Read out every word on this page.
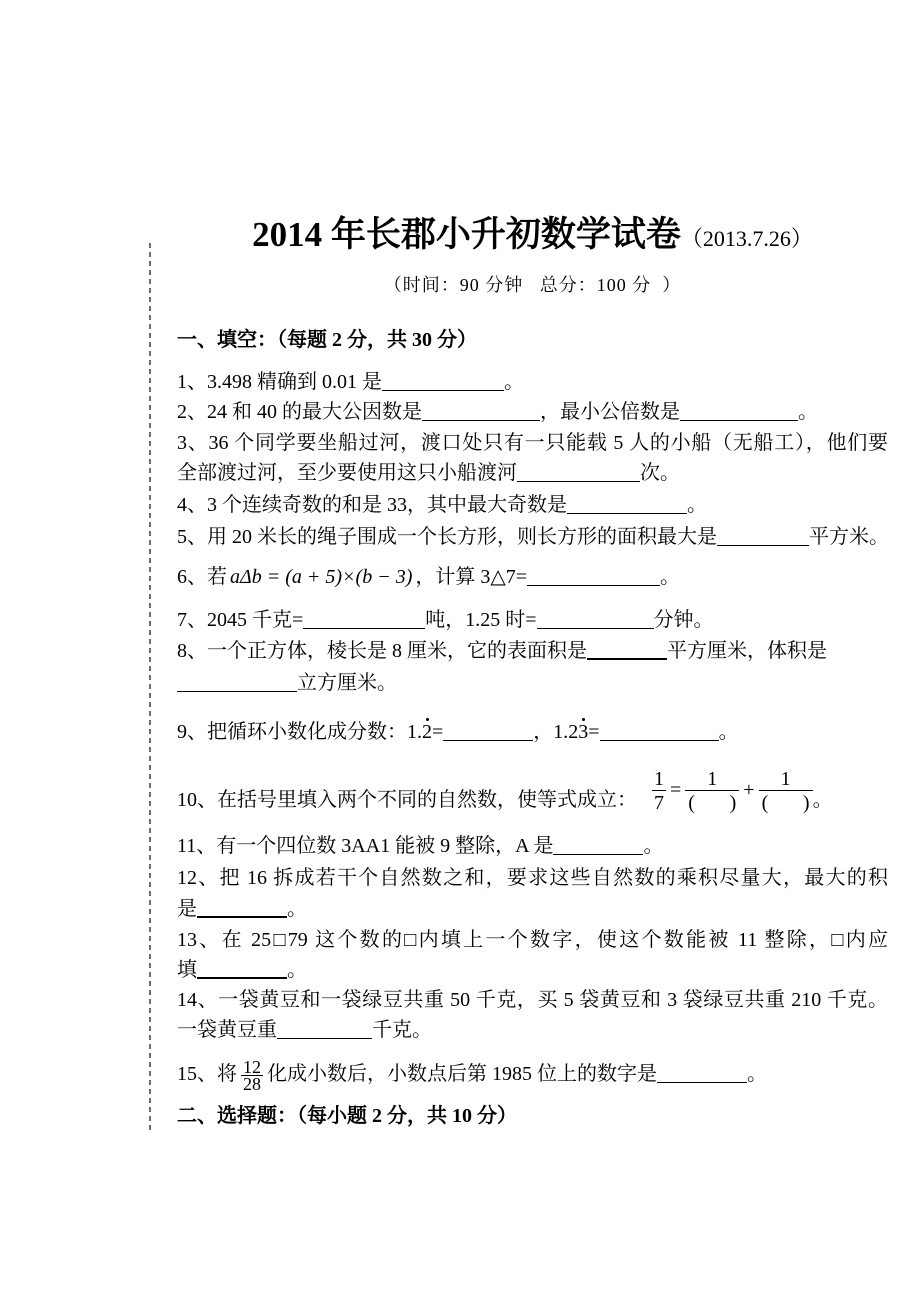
2014 年长郡小升初数学试卷（2013.7.26）
（时间：90 分钟   总分：100 分  ）
一、填空：（每题 2 分，共 30 分）
1、3.498 精确到 0.01 是	。
2、24 和 40 的最大公因数是	，最小公倍数是	。
3、36 个同学要坐船过河，渡口处只有一只能载 5 人的小船（无船工），他们要
全部渡过河，至少要使用这只小船渡河	次。
4、3 个连续奇数的和是 33，其中最大奇数是	。
5、用 20 米长的绳子围成一个长方形，则长方形的面积最大是	平方米。
6、若 aΔb = (a + 5)×(b − 3) ，计算 3△7=	。
7、2045 千克=	吨，1.25 时=	分钟。
8、一个正方体，棱长是 8 厘米，它的表面积是	平方厘米，体积是
立方厘米。
9、把循环小数化成分数：1.2=	，1.23=	。
10、在括号里填入两个不同的自然数，使等式成立： $\frac{1}{7} = \frac{1}{( )} + \frac{1}{( )}$ 。
11、有一个四位数 3AA1 能被 9 整除，A 是	。
12、把 16 拆成若干个自然数之和，要求这些自然数的乘积尽量大，最大的积
是	。
13、在 25□79 这个数的□内填上一个数字，使这个数能被 11 整除，□内应
填	。
14、一袋黄豆和一袋绿豆共重 50 千克，买 5 袋黄豆和 3 袋绿豆共重 210 千克。
一袋黄豆重	千克。
15、将 $\frac{12}{28}$ 化成小数后，小数点后第 1985 位上的数字是	。
二、选择题：（每小题 2 分，共 10 分）
